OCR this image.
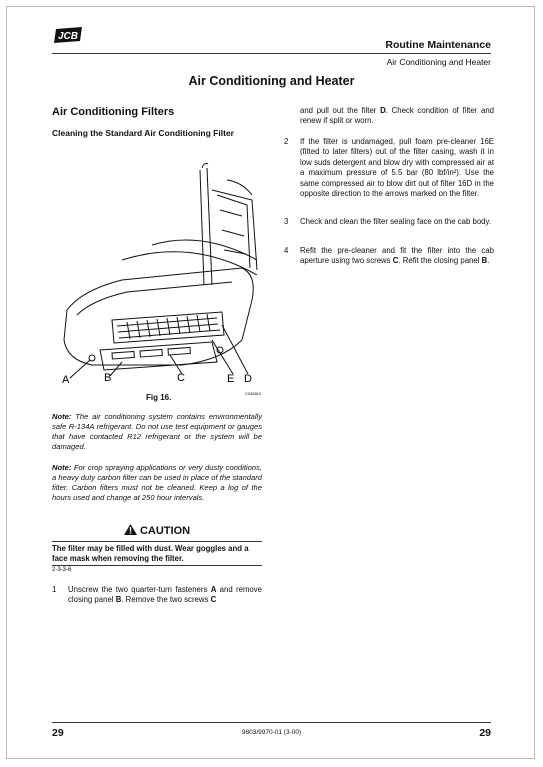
JCB
Routine Maintenance
Air Conditioning and Heater
Air Conditioning and Heater
Air Conditioning Filters
Cleaning the Standard Air Conditioning Filter
A	B	C	E D
C035810
Fig 16.
Note: The air conditioning system contains environmentally safe R-134A refrigerant. Do not use test equipment or gauges that have contacted R12 refrigerant or the system will be damaged.
Note: For crop spraying applications or very dusty conditions, a heavy duty carbon filter can be used in place of the standard filter. Carbon filters must not be cleaned. Keep a log of the hours used and change at 250 hour intervals.
CAUTION
The filter may be filled with dust. Wear goggles and a face mask when removing the filter.
2-3-3-6
1 Unscrew the two quarter-turn fasteners A and remove closing panel B. Remove the two screws C
and pull out the filter D. Check condition of filter and renew if split or worn.
2 If the filter is undamaged, pull foam pre-cleaner 16E (fitted to later filters) out of the filter casing, wash it in low suds detergent and blow dry with compressed air at a maximum pressure of 5.5 bar (80 lbf/in²). Use the same compressed air to blow dirt out of filter 16D in the opposite direction to the arrows marked on the filter.
3 Check and clean the filter sealing face on the cab body.
4 Refit the pre-cleaner and fit the filter into the cab aperture using two screws C. Refit the closing panel B.
29	9803/9970-01 (3-00)	29
